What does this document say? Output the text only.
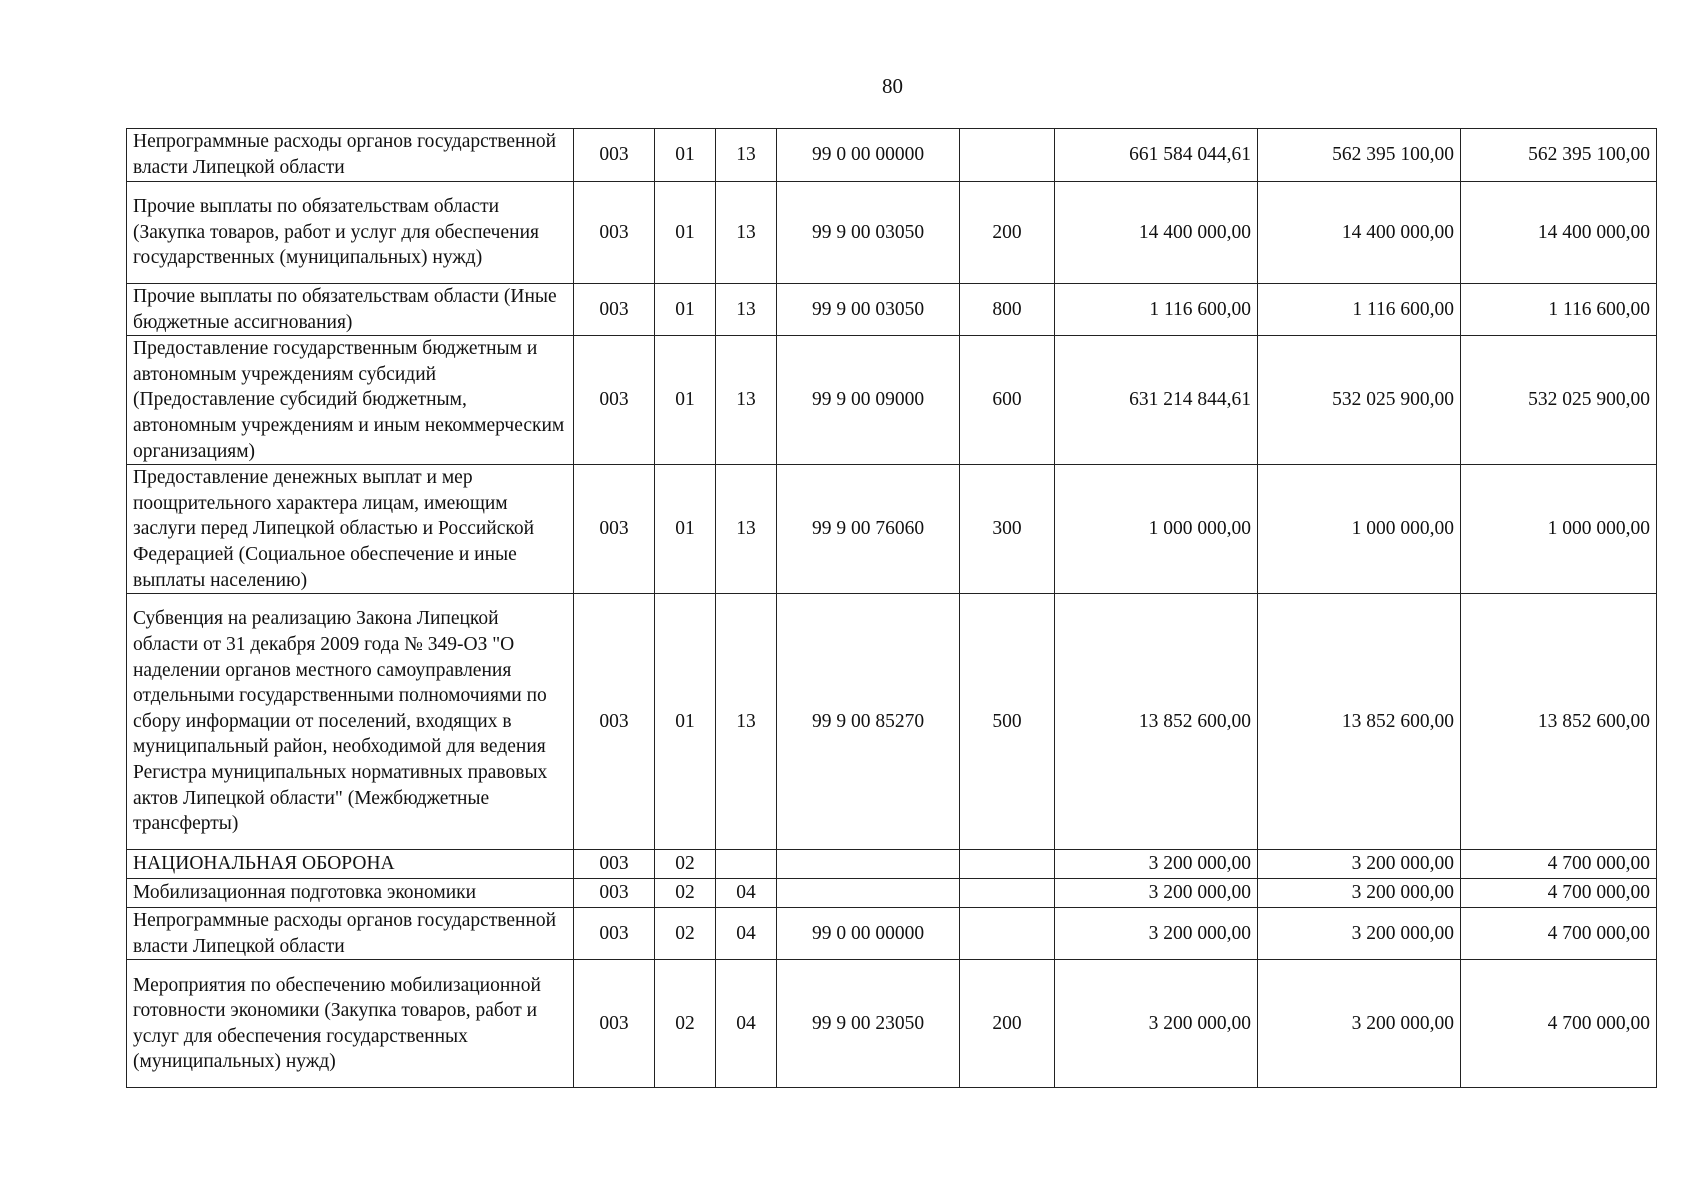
80
Непрограммные расходы органов государственной власти Липецкой области	003	01	13	99 0 00 00000		661 584 044,61	562 395 100,00	562 395 100,00
Прочие выплаты по обязательствам области (Закупка товаров, работ и услуг для обеспечения государственных (муниципальных) нужд)	003	01	13	99 9 00 03050	200	14 400 000,00	14 400 000,00	14 400 000,00
Прочие выплаты по обязательствам области (Иные бюджетные ассигнования)	003	01	13	99 9 00 03050	800	1 116 600,00	1 116 600,00	1 116 600,00
Предоставление государственным бюджетным и автономным учреждениям субсидий (Предоставление субсидий бюджетным, автономным учреждениям и иным некоммерческим организациям)	003	01	13	99 9 00 09000	600	631 214 844,61	532 025 900,00	532 025 900,00
Предоставление денежных выплат и мер поощрительного характера лицам, имеющим заслуги перед Липецкой областью и Российской Федерацией (Социальное обеспечение и иные выплаты населению)	003	01	13	99 9 00 76060	300	1 000 000,00	1 000 000,00	1 000 000,00
Субвенция на реализацию Закона Липецкой области от 31 декабря 2009 года № 349-ОЗ "О наделении органов местного самоуправления отдельными государственными полномочиями по сбору информации от поселений, входящих в муниципальный район, необходимой для ведения Регистра муниципальных нормативных правовых актов Липецкой области" (Межбюджетные трансферты)	003	01	13	99 9 00 85270	500	13 852 600,00	13 852 600,00	13 852 600,00
НАЦИОНАЛЬНАЯ ОБОРОНА	003	02				3 200 000,00	3 200 000,00	4 700 000,00
Мобилизационная подготовка экономики	003	02	04			3 200 000,00	3 200 000,00	4 700 000,00
Непрограммные расходы органов государственной власти Липецкой области	003	02	04	99 0 00 00000		3 200 000,00	3 200 000,00	4 700 000,00
Мероприятия по обеспечению мобилизационной готовности экономики (Закупка товаров, работ и услуг для обеспечения государственных (муниципальных) нужд)	003	02	04	99 9 00 23050	200	3 200 000,00	3 200 000,00	4 700 000,00
